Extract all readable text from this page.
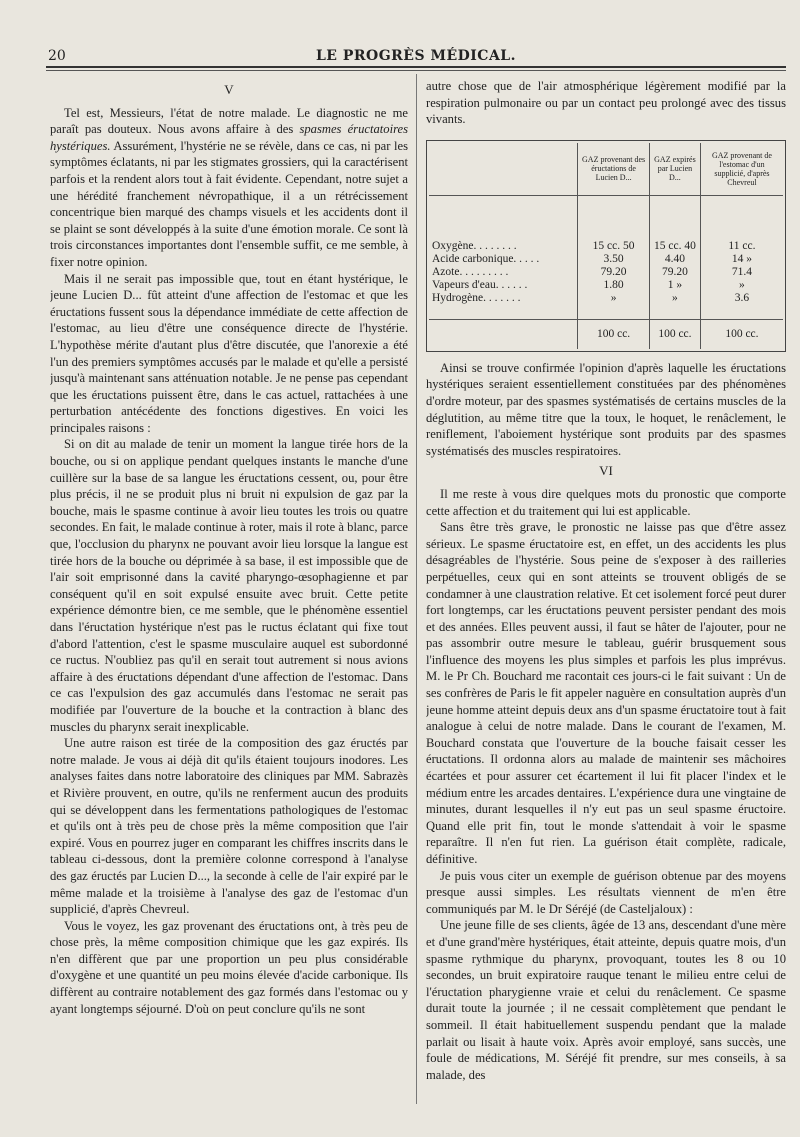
20	LE PROGRÈS MÉDICAL.
V

Tel est, Messieurs, l'état de notre malade. Le diagnostic ne me paraît pas douteux. Nous avons affaire à des spasmes éructatoires hystériques. Assurément, l'hystérie ne se révèle, dans ce cas, ni par les symptômes éclatants, ni par les stigmates grossiers, qui la caractérisent parfois et la rendent alors tout à fait évidente. Cependant, notre sujet a une hérédité franchement névropathique, il a un rétrécissement concentrique bien marqué des champs visuels et les accidents dont il se plaint se sont développés à la suite d'une émotion morale. Ce sont là trois circonstances importantes dont l'ensemble suffit, ce me semble, à fixer notre opinion.

Mais il ne serait pas impossible que, tout en étant hystérique, le jeune Lucien D... fût atteint d'une affection de l'estomac et que les éructations fussent sous la dépendance immédiate de cette affection de l'estomac, au lieu d'être une conséquence directe de l'hystérie. L'hypothèse mérite d'autant plus d'être discutée, que l'anorexie a été l'un des premiers symptômes accusés par le malade et qu'elle a persisté jusqu'à maintenant sans atténuation notable. Je ne pense pas cependant que les éructations puissent être, dans le cas actuel, rattachées à une perturbation antécédente des fonctions digestives. En voici les principales raisons :

Si on dit au malade de tenir un moment la langue tirée hors de la bouche, ou si on applique pendant quelques instants le manche d'une cuillère sur la base de sa langue les éructations cessent, ou, pour être plus précis, il ne se produit plus ni bruit ni expulsion de gaz par la bouche, mais le spasme continue à avoir lieu toutes les trois ou quatre secondes. En fait, le malade continue à roter, mais il rote à blanc, parce que, l'occlusion du pharynx ne pouvant avoir lieu lorsque la langue est tirée hors de la bouche ou déprimée à sa base, il est impossible que de l'air soit emprisonné dans la cavité pharyngo-œsophagienne et par conséquent qu'il en soit expulsé ensuite avec bruit. Cette petite expérience démontre bien, ce me semble, que le phénomène essentiel dans l'éructation hystérique n'est pas le ructus éclatant qui fixe tout d'abord l'attention, c'est le spasme musculaire auquel est subordonné ce ructus. N'oubliez pas qu'il en serait tout autrement si nous avions affaire à des éructations dépendant d'une affection de l'estomac. Dans ce cas l'expulsion des gaz accumulés dans l'estomac ne serait pas modifiée par l'ouverture de la bouche et la contraction à blanc des muscles du pharynx serait inexplicable.

Une autre raison est tirée de la composition des gaz éructés par notre malade. Je vous ai déjà dit qu'ils étaient toujours inodores. Les analyses faites dans notre laboratoire des cliniques par MM. Sabrazès et Rivière prouvent, en outre, qu'ils ne renferment aucun des produits qui se développent dans les fermentations pathologiques de l'estomac et qu'ils ont à très peu de chose près la même composition que l'air expiré. Vous en pourrez juger en comparant les chiffres inscrits dans le tableau ci-dessous, dont la première colonne correspond à l'analyse des gaz éructés par Lucien D..., la seconde à celle de l'air expiré par le même malade et la troisième à l'analyse des gaz de l'estomac d'un supplicié, d'après Chevreul.

Vous le voyez, les gaz provenant des éructations ont, à très peu de chose près, la même composition chimique que les gaz expirés. Ils n'en diffèrent que par une proportion un peu plus considérable d'oxygène et une quantité un peu moins élevée d'acide carbonique. Ils diffèrent au contraire notablement des gaz formés dans l'estomac ou y ayant longtemps séjourné. D'où on peut conclure qu'ils ne sont

autre chose que de l'air atmosphérique légèrement modifié par la respiration pulmonaire ou par un contact peu prolongé avec des tissus vivants.

	GAZ provenant des éructations de Lucien D...	GAZ expirés par Lucien D...	GAZ provenant de l'estomac d'un supplicié, d'après Chevreul
Oxygène. . . . . . . .	15 cc. 50	15 cc. 40	11 cc.
Acide carbonique. . . . .	3.50	4.40	14 »
Azote. . . . . . . . .	79.20	79.20	71.4
Vapeurs d'eau. . . . . .	1.80	1 »	»
Hydrogène. . . . . . .	»	»	3.6

	100 cc.	100 cc.	100 cc.

Ainsi se trouve confirmée l'opinion d'après laquelle les éructations hystériques seraient essentiellement constituées par des phénomènes d'ordre moteur, par des spasmes systématisés de certains muscles de la déglutition, au même titre que la toux, le hoquet, le renâclement, le reniflement, l'aboiement hystérique sont produits par des spasmes systématisés des muscles respiratoires.

VI

Il me reste à vous dire quelques mots du pronostic que comporte cette affection et du traitement qui lui est applicable.

Sans être très grave, le pronostic ne laisse pas que d'être assez sérieux. Le spasme éructatoire est, en effet, un des accidents les plus désagréables de l'hystérie. Sous peine de s'exposer à des railleries perpétuelles, ceux qui en sont atteints se trouvent obligés de se condamner à une claustration relative. Et cet isolement forcé peut durer fort longtemps, car les éructations peuvent persister pendant des mois et des années. Elles peuvent aussi, il faut se hâter de l'ajouter, pour ne pas assombrir outre mesure le tableau, guérir brusquement sous l'influence des moyens les plus simples et parfois les plus imprévus. M. le Pr Ch. Bouchard me racontait ces jours-ci le fait suivant : Un de ses confrères de Paris le fit appeler naguère en consultation auprès d'un jeune homme atteint depuis deux ans d'un spasme éructatoire tout à fait analogue à celui de notre malade. Dans le courant de l'examen, M. Bouchard constata que l'ouverture de la bouche faisait cesser les éructations. Il ordonna alors au malade de maintenir ses mâchoires écartées et pour assurer cet écartement il lui fit placer l'index et le médium entre les arcades dentaires. L'expérience dura une vingtaine de minutes, durant lesquelles il n'y eut pas un seul spasme éructoire. Quand elle prit fin, tout le monde s'attendait à voir le spasme reparaître. Il n'en fut rien. La guérison était complète, radicale, définitive.

Je puis vous citer un exemple de guérison obtenue par des moyens presque aussi simples. Les résultats viennent de m'en être communiqués par M. le Dr Séréjé (de Casteljaloux) :

Une jeune fille de ses clients, âgée de 13 ans, descendant d'une mère et d'une grand'mère hystériques, était atteinte, depuis quatre mois, d'un spasme rythmique du pharynx, provoquant, toutes les 8 ou 10 secondes, un bruit expiratoire rauque tenant le milieu entre celui de l'éructation pharygienne vraie et celui du renâclement. Ce spasme durait toute la journée ; il ne cessait complètement que pendant le sommeil. Il était habituellement suspendu pendant que la malade parlait ou lisait à haute voix. Après avoir employé, sans succès, une foule de médications, M. Séréjé fit prendre, sur mes conseils, à sa malade, des
